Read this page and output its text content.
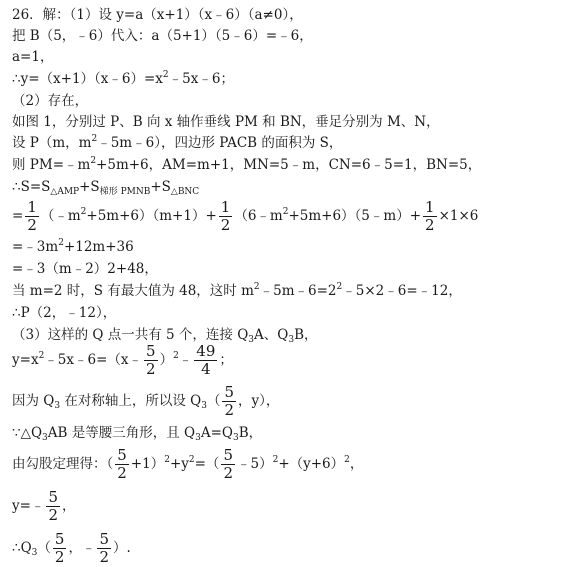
26．解：（1）设 y=a（x+1）（x﹣6）（a≠0），
把 B（5，﹣6）代入：a（5+1）（5﹣6）=﹣6，
a=1，
$\therefore y=(x+1)(x﹣6)=x^2﹣5x﹣6$；
（2）存在，
如图 1，分别过 P、B 向 x 轴作垂线 PM 和 BN，垂足分别为 M、N，
设 P（m，$m^2﹣5m﹣6$），四边形 PACB 的面积为 S，
则 $PM=﹣m^2+5m+6$，AM=m+1，MN=5﹣m，CN=6﹣5=1，BN=5，
$\therefore S=S_{\triangle AMP}+S_{梯形 PMNB}+S_{\triangle BNC}$
= $\frac{1}{2}$ $(﹣m^2+5m+6)(m+1)+ \frac{1}{2}$ $(6﹣m^2+5m+6)(5﹣m)+ \frac{1}{2} \times 1\times 6$
$=﹣3m^2+12m+36$
=﹣3（m﹣2）2+48，
当 m=2 时，S 有最大值为 48，这时 $m^2﹣5m﹣6=2^2﹣5\times 2﹣6=﹣12$，
∴P（2，﹣12），
（3）这样的 Q 点一共有 5 个，连接 $Q_3A$、$Q_3B$，
$y=x^2﹣5x﹣6=(x﹣ \frac{5}{2}$ ）$^2$﹣ $\frac{49}{4}$ ；
因为 $Q_3$ 在对称轴上，所以设 $Q_3( \frac{5}{2}$ ，y），
$\because\triangle Q_3AB$ 是等腰三角形，且 $Q_3A=Q_3B$，
由勾股定理得：（ $\frac{5}{2} +1)^2+y^2=( \frac{5}{2}$ $﹣5)^2+(y+6)^2$，
y=﹣ $\frac{5}{2}$ ，
$\therefore Q_3( \frac{5}{2}$ ，﹣ $\frac{5}{2}$ ）.
